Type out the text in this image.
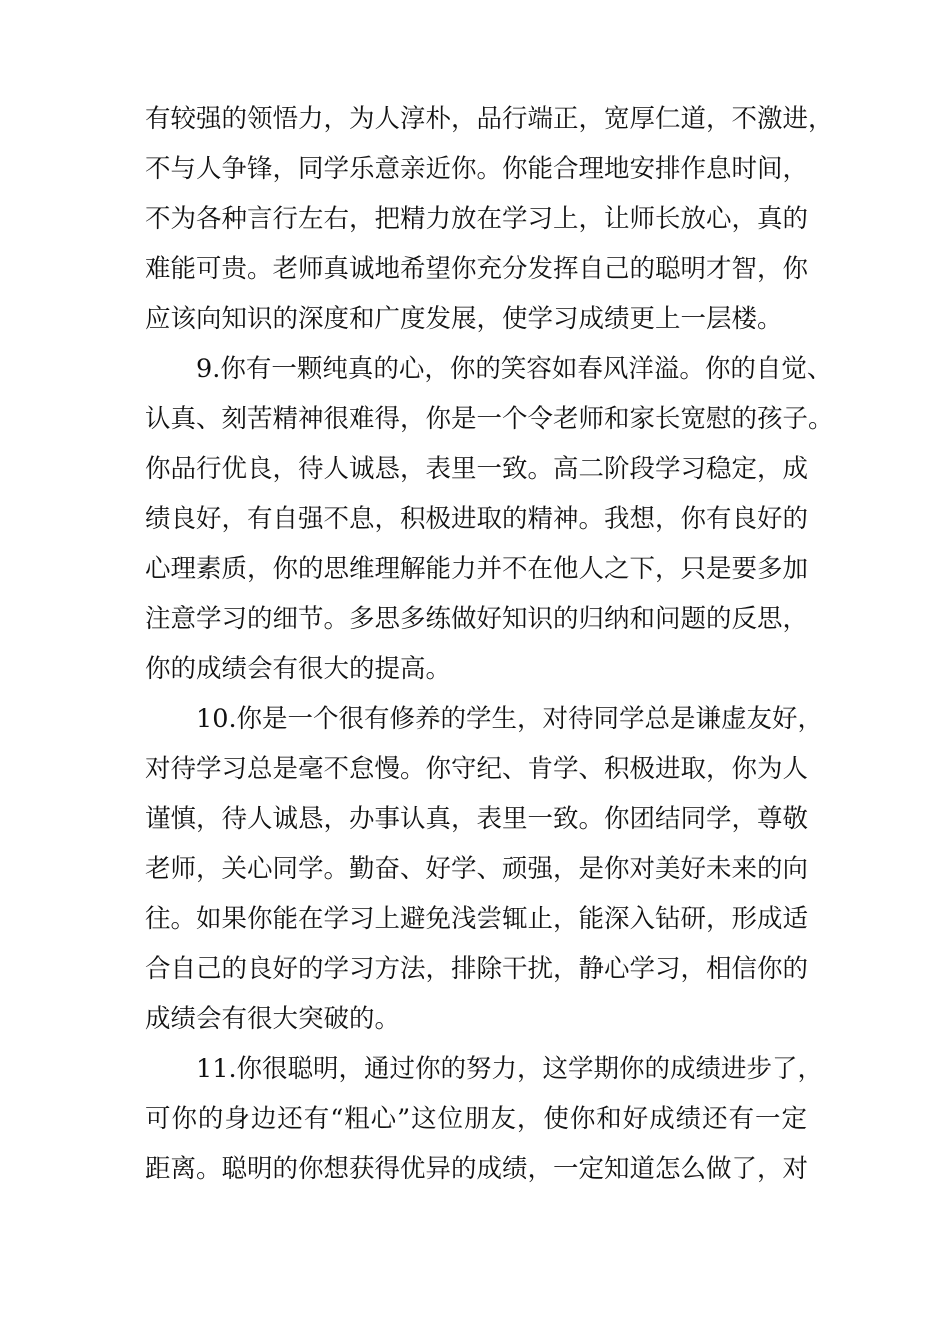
有较强的领悟力，为人淳朴，品行端正，宽厚仁道，不激进，
不与人争锋，同学乐意亲近你。你能合理地安排作息时间，
不为各种言行左右，把精力放在学习上，让师长放心，真的
难能可贵。老师真诚地希望你充分发挥自己的聪明才智，你
应该向知识的深度和广度发展，使学习成绩更上一层楼。
9.你有一颗纯真的心，你的笑容如春风洋溢。你的自觉、
认真、刻苦精神很难得，你是一个令老师和家长宽慰的孩子。
你品行优良，待人诚恳，表里一致。高二阶段学习稳定，成
绩良好，有自强不息，积极进取的精神。我想，你有良好的
心理素质，你的思维理解能力并不在他人之下，只是要多加
注意学习的细节。多思多练做好知识的归纳和问题的反思，
你的成绩会有很大的提高。
10.你是一个很有修养的学生，对待同学总是谦虚友好，
对待学习总是毫不怠慢。你守纪、肯学、积极进取，你为人
谨慎，待人诚恳，办事认真，表里一致。你团结同学，尊敬
老师，关心同学。勤奋、好学、顽强，是你对美好未来的向
往。如果你能在学习上避免浅尝辄止，能深入钻研，形成适
合自己的良好的学习方法，排除干扰，静心学习，相信你的
成绩会有很大突破的。
11.你很聪明，通过你的努力，这学期你的成绩进步了，
可你的身边还有“粗心”这位朋友，使你和好成绩还有一定
距离。聪明的你想获得优异的成绩，一定知道怎么做了，对
